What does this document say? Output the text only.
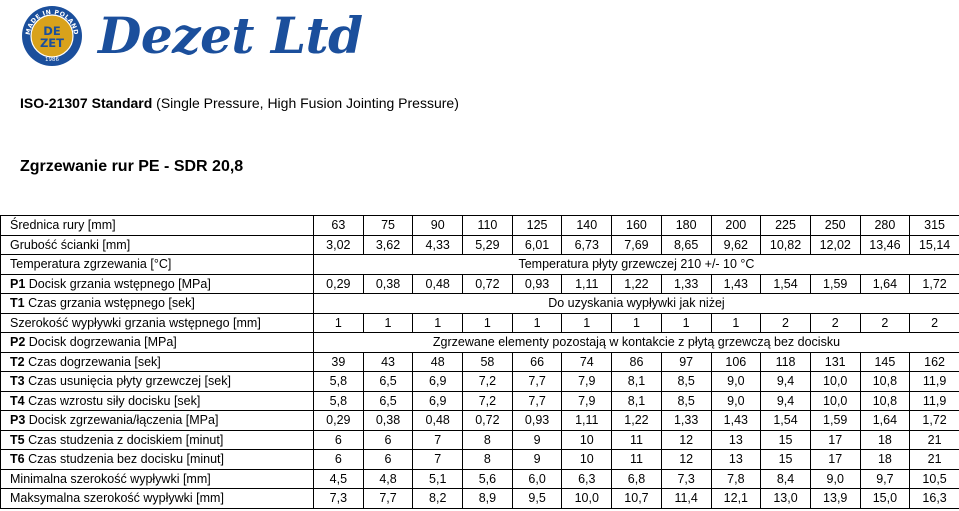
MADE IN POLAND
DE
ZET
1986 Dezet Ltd
ISO-21307 Standard (Single Pressure, High Fusion Jointing Pressure)
Zgrzewanie rur PE - SDR 20,8
Średnica rury [mm]	63	75	90	110	125	140	160	180	200	225	250	280	315
Grubość ścianki [mm]	3,02	3,62	4,33	5,29	6,01	6,73	7,69	8,65	9,62	10,82	12,02	13,46	15,14
Temperatura zgrzewania [°C]	Temperatura płyty grzewczej 210 +/- 10 °C												
P1 Docisk grzania wstępnego [MPa]	0,29	0,38	0,48	0,72	0,93	1,11	1,22	1,33	1,43	1,54	1,59	1,64	1,72
T1 Czas grzania wstępnego [sek]	Do uzyskania wypływki jak niżej												
Szerokość wypływki grzania wstępnego [mm]	1	1	1	1	1	1	1	1	1	2	2	2	2
P2 Docisk dogrzewania [MPa]	Zgrzewane elementy pozostają w kontakcie z płytą grzewczą bez docisku												
T2 Czas dogrzewania [sek]	39	43	48	58	66	74	86	97	106	118	131	145	162
T3 Czas usunięcia płyty grzewczej [sek]	5,8	6,5	6,9	7,2	7,7	7,9	8,1	8,5	9,0	9,4	10,0	10,8	11,9
T4 Czas wzrostu siły docisku [sek]	5,8	6,5	6,9	7,2	7,7	7,9	8,1	8,5	9,0	9,4	10,0	10,8	11,9
P3 Docisk zgrzewania/łączenia [MPa]	0,29	0,38	0,48	0,72	0,93	1,11	1,22	1,33	1,43	1,54	1,59	1,64	1,72
T5 Czas studzenia z dociskiem [minut]	6	6	7	8	9	10	11	12	13	15	17	18	21
T6 Czas studzenia bez docisku [minut]	6	6	7	8	9	10	11	12	13	15	17	18	21
Minimalna szerokość wypływki [mm]	4,5	4,8	5,1	5,6	6,0	6,3	6,8	7,3	7,8	8,4	9,0	9,7	10,5
Maksymalna szerokość wypływki [mm]	7,3	7,7	8,2	8,9	9,5	10,0	10,7	11,4	12,1	13,0	13,9	15,0	16,3
